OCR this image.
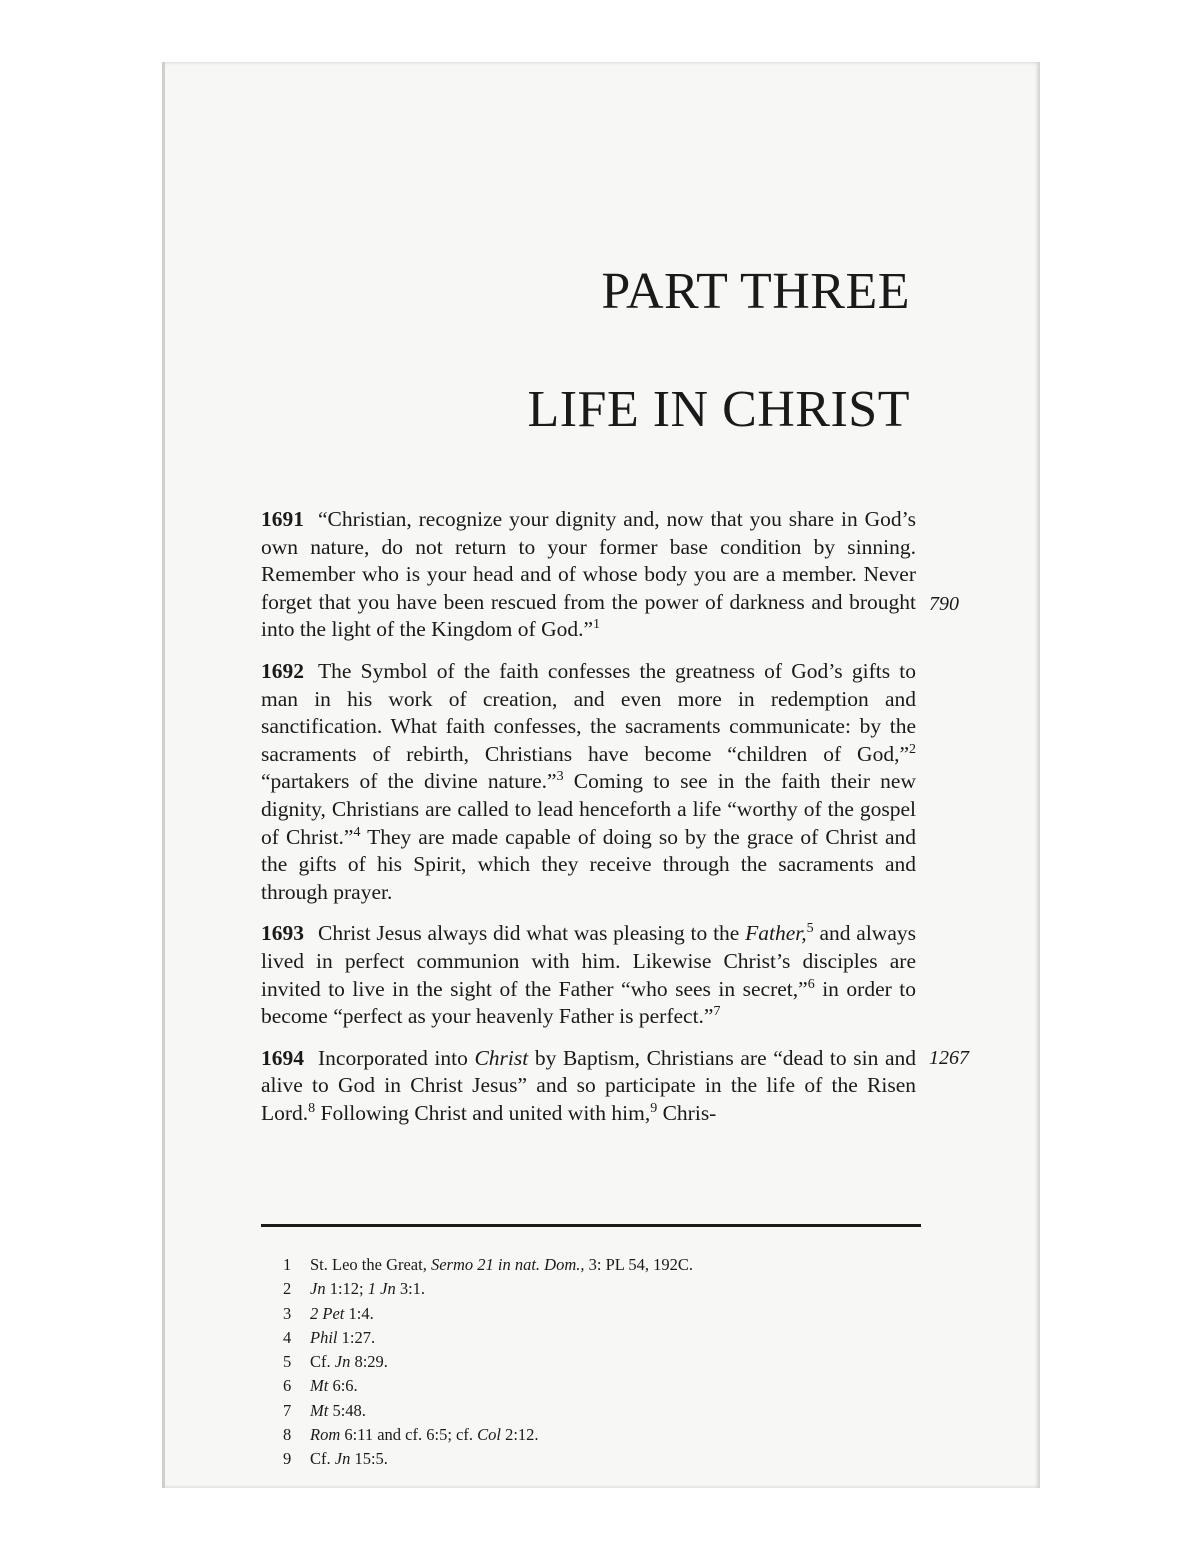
PART THREE
LIFE IN CHRIST

1691 “Christian, recognize your dignity and, now that you share in God’s own nature, do not return to your former base condition by sinning. Remember who is your head and of whose body you are a member. Never forget that you have been rescued from the power of darkness and brought into the light of the Kingdom of God.”$^1$
790

1692 The Symbol of the faith confesses the greatness of God’s gifts to man in his work of creation, and even more in redemption and sanctification. What faith confesses, the sacraments communicate: by the sacraments of rebirth, Christians have become “children of God,”$^2$ “partakers of the divine nature.”$^3$ Coming to see in the faith their new dignity, Christians are called to lead henceforth a life “worthy of the gospel of Christ.”$^4$ They are made capable of doing so by the grace of Christ and the gifts of his Spirit, which they receive through the sacraments and through prayer.

1693 Christ Jesus always did what was pleasing to the Father,$^5$ and always lived in perfect communion with him. Likewise Christ’s disciples are invited to live in the sight of the Father “who sees in secret,”$^6$ in order to become “perfect as your heavenly Father is perfect.”$^7$

1694 Incorporated into Christ by Baptism, Christians are “dead to sin and alive to God in Christ Jesus” and so participate in the life of the Risen Lord.$^8$ Following Christ and united with him,$^9$ Chris-
1267

1 St. Leo the Great, Sermo 21 in nat. Dom., 3: PL 54, 192C.
2 Jn 1:12; 1 Jn 3:1.
3 2 Pet 1:4.
4 Phil 1:27.
5 Cf. Jn 8:29.
6 Mt 6:6.
7 Mt 5:48.
8 Rom 6:11 and cf. 6:5; cf. Col 2:12.
9 Cf. Jn 15:5.
